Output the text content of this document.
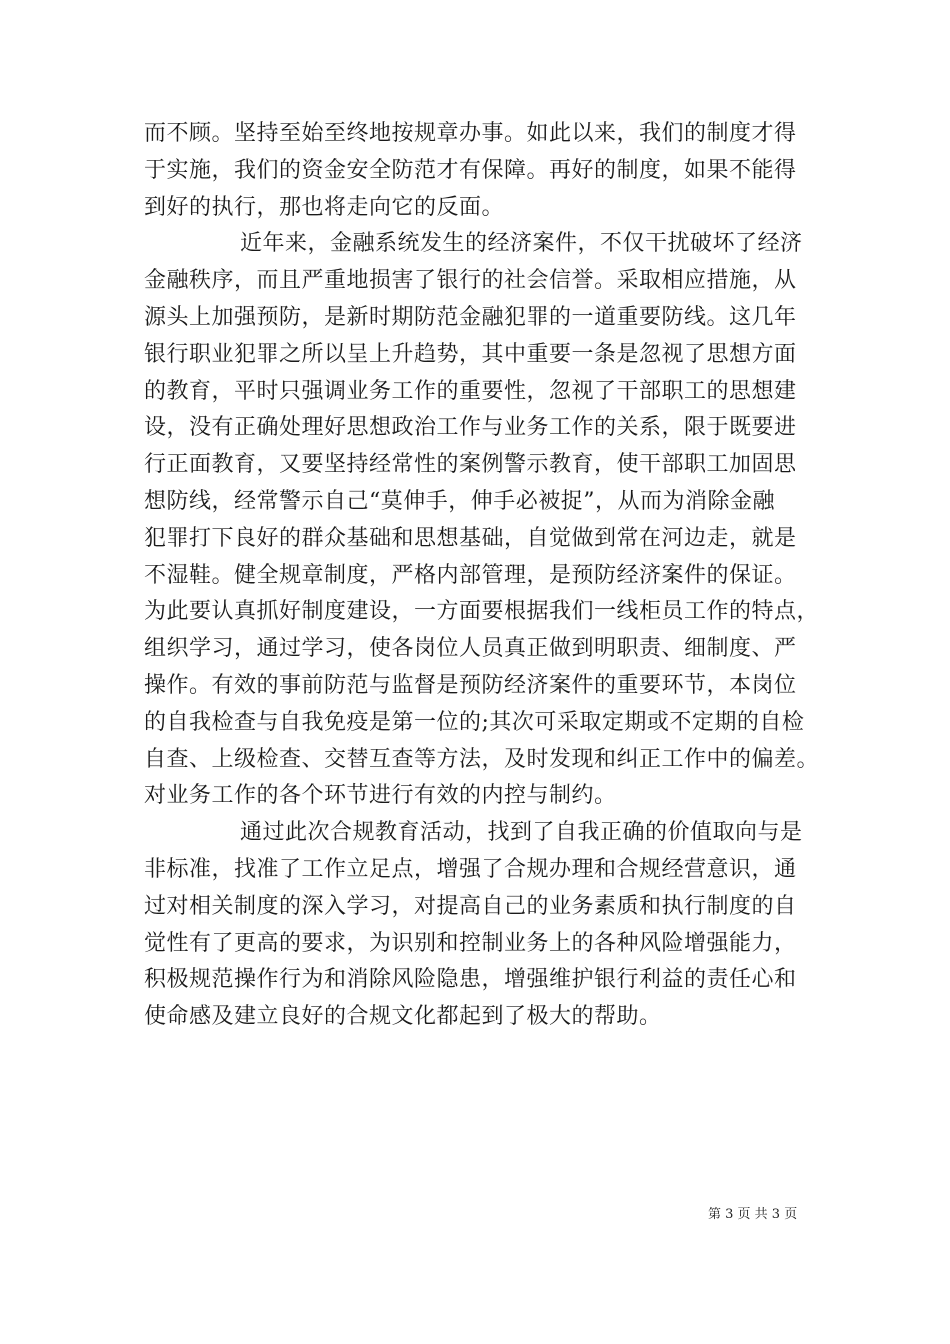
而不顾。坚持至始至终地按规章办事。如此以来，我们的制度才得
于实施，我们的资金安全防范才有保障。再好的制度，如果不能得
到好的执行，那也将走向它的反面。
近年来，金融系统发生的经济案件，不仅干扰破坏了经济
金融秩序，而且严重地损害了银行的社会信誉。采取相应措施，从
源头上加强预防，是新时期防范金融犯罪的一道重要防线。这几年
银行职业犯罪之所以呈上升趋势，其中重要一条是忽视了思想方面
的教育，平时只强调业务工作的重要性，忽视了干部职工的思想建
设，没有正确处理好思想政治工作与业务工作的关系，限于既要进
行正面教育，又要坚持经常性的案例警示教育，使干部职工加固思
想防线，经常警示自己“莫伸手，伸手必被捉”，从而为消除金融
犯罪打下良好的群众基础和思想基础，自觉做到常在河边走，就是
不湿鞋。健全规章制度，严格内部管理，是预防经济案件的保证。
为此要认真抓好制度建设，一方面要根据我们一线柜员工作的特点，
组织学习，通过学习，使各岗位人员真正做到明职责、细制度、严
操作。有效的事前防范与监督是预防经济案件的重要环节，本岗位
的自我检查与自我免疫是第一位的;其次可采取定期或不定期的自检
自查、上级检查、交替互查等方法，及时发现和纠正工作中的偏差。
对业务工作的各个环节进行有效的内控与制约。
通过此次合规教育活动，找到了自我正确的价值取向与是
非标准，找准了工作立足点，增强了合规办理和合规经营意识，通
过对相关制度的深入学习，对提高自己的业务素质和执行制度的自
觉性有了更高的要求，为识别和控制业务上的各种风险增强能力，
积极规范操作行为和消除风险隐患，增强维护银行利益的责任心和
使命感及建立良好的合规文化都起到了极大的帮助。
第 3 页 共 3 页
